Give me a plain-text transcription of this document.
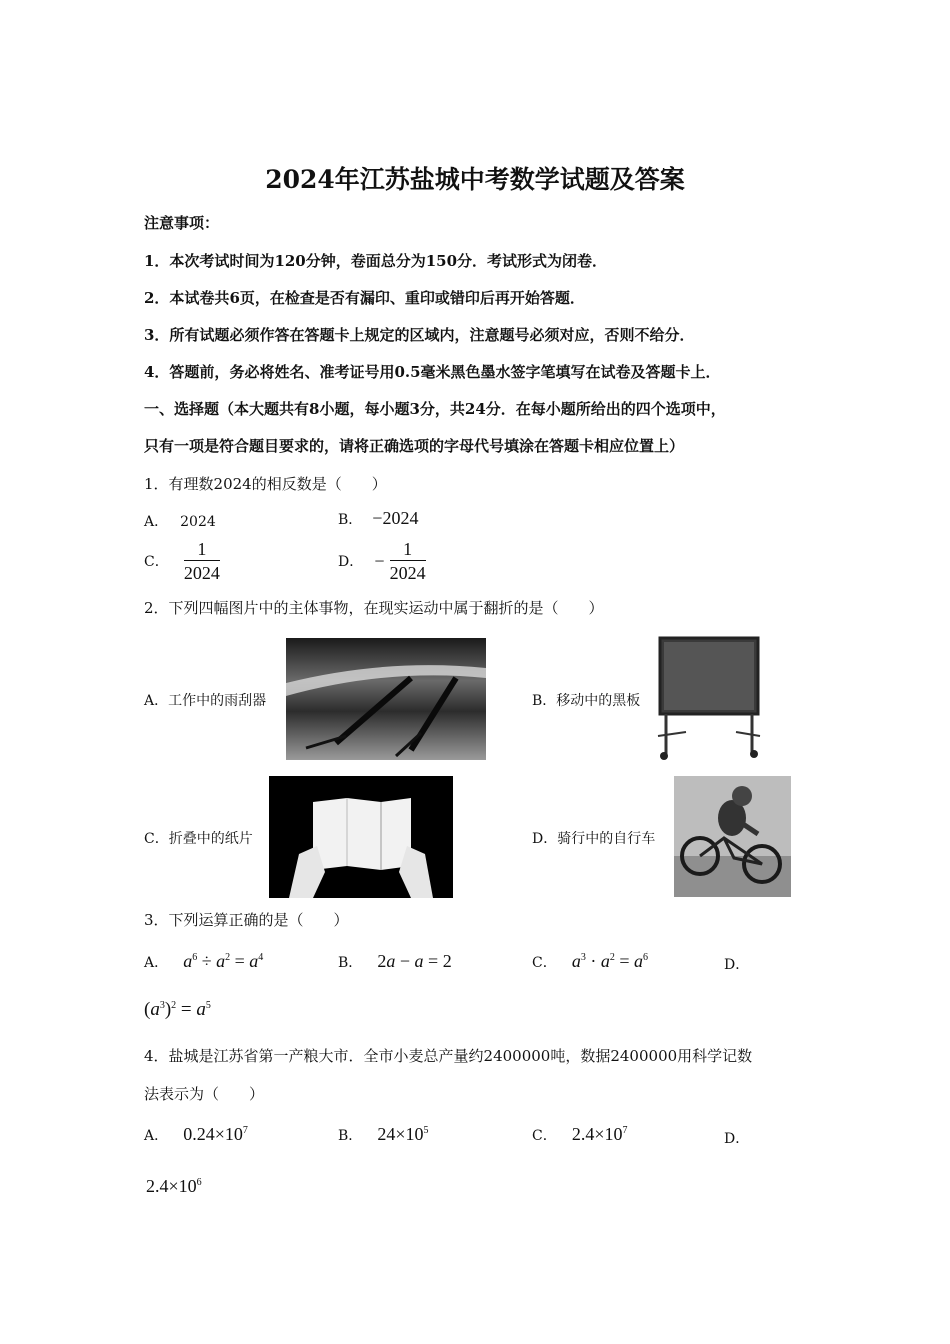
2024年江苏盐城中考数学试题及答案
注意事项：
1．本次考试时间为120分钟，卷面总分为150分．考试形式为闭卷．
2．本试卷共6页，在检查是否有漏印、重印或错印后再开始答题．
3．所有试题必须作答在答题卡上规定的区域内，注意题号必须对应，否则不给分．
4．答题前，务必将姓名、准考证号用0.5毫米黑色墨水签字笔填写在试卷及答题卡上．
一、选择题（本大题共有8小题，每小题3分，共24分．在每小题所给出的四个选项中，
只有一项是符合题目要求的，请将正确选项的字母代号填涂在答题卡相应位置上）
1．有理数2024的相反数是（　　）
A． 2024	B． −2024
C． $\frac{1}{2024}$	D． − $\frac{1}{2024}$
2．下列四幅图片中的主体事物，在现实运动中属于翻折的是（　　）
A．工作中的雨刮器	B．移动中的黑板
C．折叠中的纸片	D．骑行中的自行车
3．下列运算正确的是（　　）
A． $a^6 \div a^2 = a^4$	B． 2a − a = 2	C． $a^3 \cdot a^2 = a^6$	D．
$(a^3)^2 = a^5$
4．盐城是江苏省第一产粮大市．全市小麦总产量约2400000吨，数据2400000用科学记数
法表示为（　　）
A． $0.24\times 10^7$	B． $24\times 10^5$	C． $2.4\times 10^7$
D．
$2.4\times 10^6$
